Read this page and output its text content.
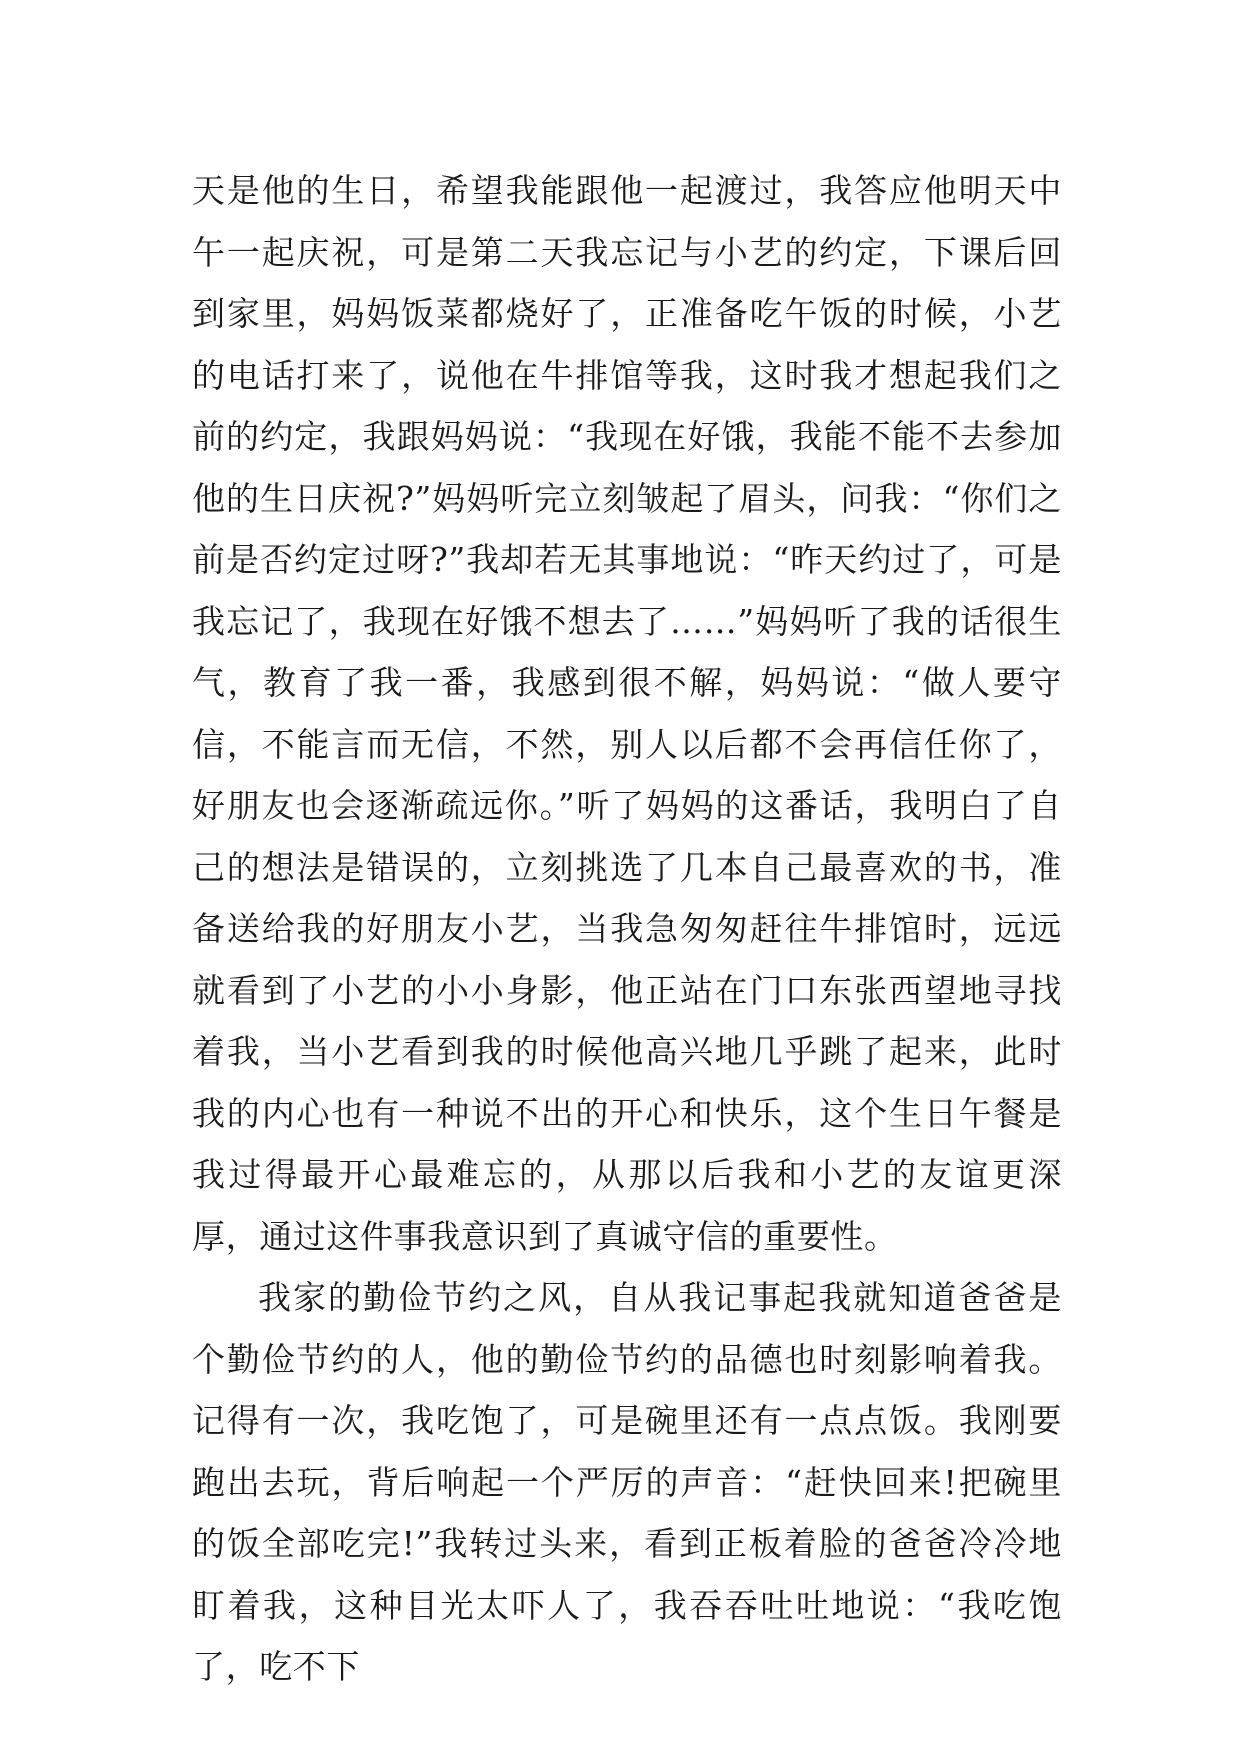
天是他的生日，希望我能跟他一起渡过，我答应他明天中午一起庆祝，可是第二天我忘记与小艺的约定，下课后回到家里，妈妈饭菜都烧好了，正准备吃午饭的时候，小艺的电话打来了，说他在牛排馆等我，这时我才想起我们之前的约定，我跟妈妈说：“我现在好饿，我能不能不去参加他的生日庆祝?”妈妈听完立刻皱起了眉头，问我：“你们之前是否约定过呀?”我却若无其事地说：“昨天约过了，可是我忘记了，我现在好饿不想去了……”妈妈听了我的话很生气，教育了我一番，我感到很不解，妈妈说：“做人要守信，不能言而无信，不然，别人以后都不会再信任你了，好朋友也会逐渐疏远你。”听了妈妈的这番话，我明白了自己的想法是错误的，立刻挑选了几本自己最喜欢的书，准备送给我的好朋友小艺，当我急匆匆赶往牛排馆时，远远就看到了小艺的小小身影，他正站在门口东张西望地寻找着我，当小艺看到我的时候他高兴地几乎跳了起来，此时我的内心也有一种说不出的开心和快乐，这个生日午餐是我过得最开心最难忘的，从那以后我和小艺的友谊更深厚，通过这件事我意识到了真诚守信的重要性。

我家的勤俭节约之风，自从我记事起我就知道爸爸是个勤俭节约的人，他的勤俭节约的品德也时刻影响着我。记得有一次，我吃饱了，可是碗里还有一点点饭。我刚要跑出去玩，背后响起一个严厉的声音：“赶快回来!把碗里的饭全部吃完!”我转过头来，看到正板着脸的爸爸冷冷地盯着我，这种目光太吓人了，我吞吞吐吐地说：“我吃饱了，吃不下
